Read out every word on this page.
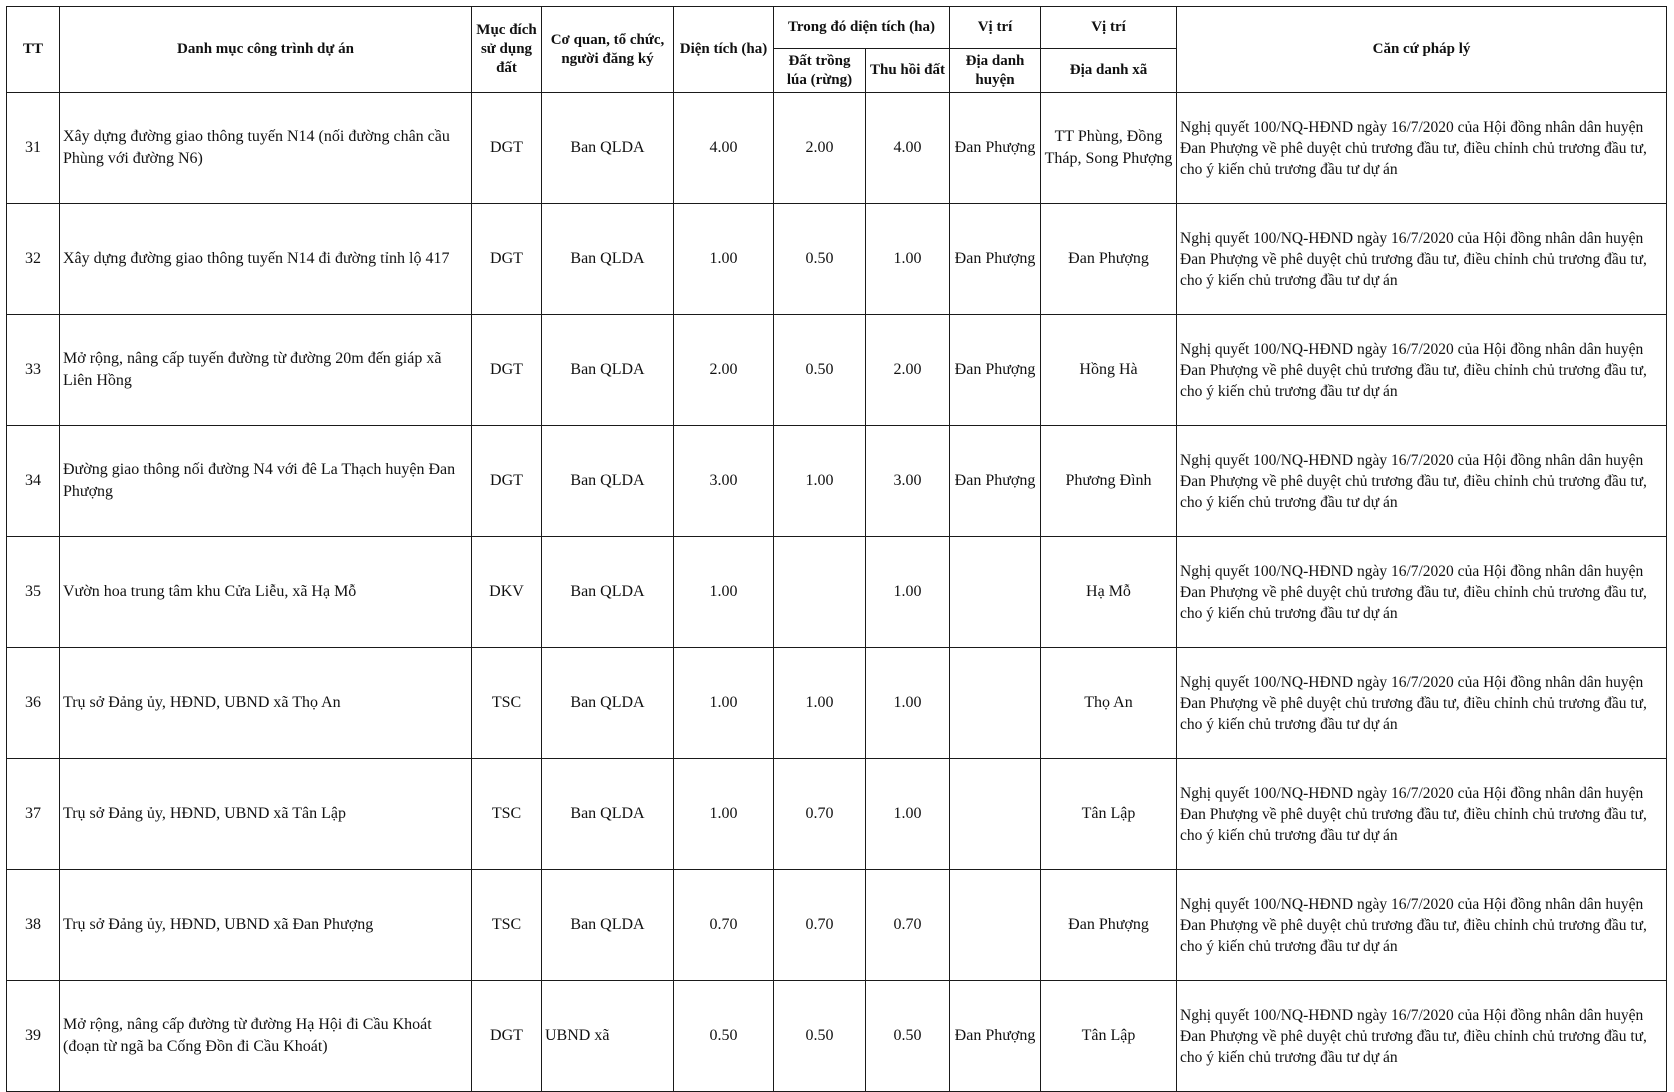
TT	Danh mục công trình dự án	Mục đích sử dụng đất	Cơ quan, tổ chức, người đăng ký	Diện tích (ha)	Trong đó diện tích (ha)		Vị trí	Vị trí	Căn cứ pháp lý
					Đất trồng lúa (rừng)	Thu hồi đất	Địa danh huyện	Địa danh xã	
31	Xây dựng đường giao thông tuyến N14 (nối đường chân cầu Phùng với đường N6)	DGT	Ban QLDA	4.00	2.00	4.00	Đan Phượng	TT Phùng, Đồng Tháp, Song Phượng	Nghị quyết 100/NQ-HĐND ngày 16/7/2020 của Hội đồng nhân dân huyện Đan Phượng về phê duyệt chủ trương đầu tư, điều chỉnh chủ trương đầu tư, cho ý kiến chủ trương đầu tư dự án
32	Xây dựng đường giao thông tuyến N14 đi đường tỉnh lộ 417	DGT	Ban QLDA	1.00	0.50	1.00	Đan Phượng	Đan Phượng	Nghị quyết 100/NQ-HĐND ngày 16/7/2020 của Hội đồng nhân dân huyện Đan Phượng về phê duyệt chủ trương đầu tư, điều chỉnh chủ trương đầu tư, cho ý kiến chủ trương đầu tư dự án
33	Mở rộng, nâng cấp tuyến đường từ đường 20m đến giáp xã Liên Hồng	DGT	Ban QLDA	2.00	0.50	2.00	Đan Phượng	Hồng Hà	Nghị quyết 100/NQ-HĐND ngày 16/7/2020 của Hội đồng nhân dân huyện Đan Phượng về phê duyệt chủ trương đầu tư, điều chỉnh chủ trương đầu tư, cho ý kiến chủ trương đầu tư dự án
34	Đường giao thông nối đường N4 với đê La Thạch huyện Đan Phượng	DGT	Ban QLDA	3.00	1.00	3.00	Đan Phượng	Phương Đình	Nghị quyết 100/NQ-HĐND ngày 16/7/2020 của Hội đồng nhân dân huyện Đan Phượng về phê duyệt chủ trương đầu tư, điều chỉnh chủ trương đầu tư, cho ý kiến chủ trương đầu tư dự án
35	Vườn hoa trung tâm khu Cửa Liễu, xã Hạ Mỗ	DKV	Ban QLDA	1.00		1.00		Hạ Mỗ	Nghị quyết 100/NQ-HĐND ngày 16/7/2020 của Hội đồng nhân dân huyện Đan Phượng về phê duyệt chủ trương đầu tư, điều chỉnh chủ trương đầu tư, cho ý kiến chủ trương đầu tư dự án
36	Trụ sở Đảng ủy, HĐND, UBND xã Thọ An	TSC	Ban QLDA	1.00	1.00	1.00		Thọ An	Nghị quyết 100/NQ-HĐND ngày 16/7/2020 của Hội đồng nhân dân huyện Đan Phượng về phê duyệt chủ trương đầu tư, điều chỉnh chủ trương đầu tư, cho ý kiến chủ trương đầu tư dự án
37	Trụ sở Đảng ủy, HĐND, UBND xã Tân Lập	TSC	Ban QLDA	1.00	0.70	1.00		Tân Lập	Nghị quyết 100/NQ-HĐND ngày 16/7/2020 của Hội đồng nhân dân huyện Đan Phượng về phê duyệt chủ trương đầu tư, điều chỉnh chủ trương đầu tư, cho ý kiến chủ trương đầu tư dự án
38	Trụ sở Đảng ủy, HĐND, UBND xã Đan Phượng	TSC	Ban QLDA	0.70	0.70	0.70		Đan Phượng	Nghị quyết 100/NQ-HĐND ngày 16/7/2020 của Hội đồng nhân dân huyện Đan Phượng về phê duyệt chủ trương đầu tư, điều chỉnh chủ trương đầu tư, cho ý kiến chủ trương đầu tư dự án
39	Mở rộng, nâng cấp đường từ đường Hạ Hội đi Cầu Khoát (đoạn từ ngã ba Cống Đồn đi Cầu Khoát)	DGT	UBND xã	0.50	0.50	0.50	Đan Phượng	Tân Lập	Nghị quyết 100/NQ-HĐND ngày 16/7/2020 của Hội đồng nhân dân huyện Đan Phượng về phê duyệt chủ trương đầu tư, điều chỉnh chủ trương đầu tư, cho ý kiến chủ trương đầu tư dự án
